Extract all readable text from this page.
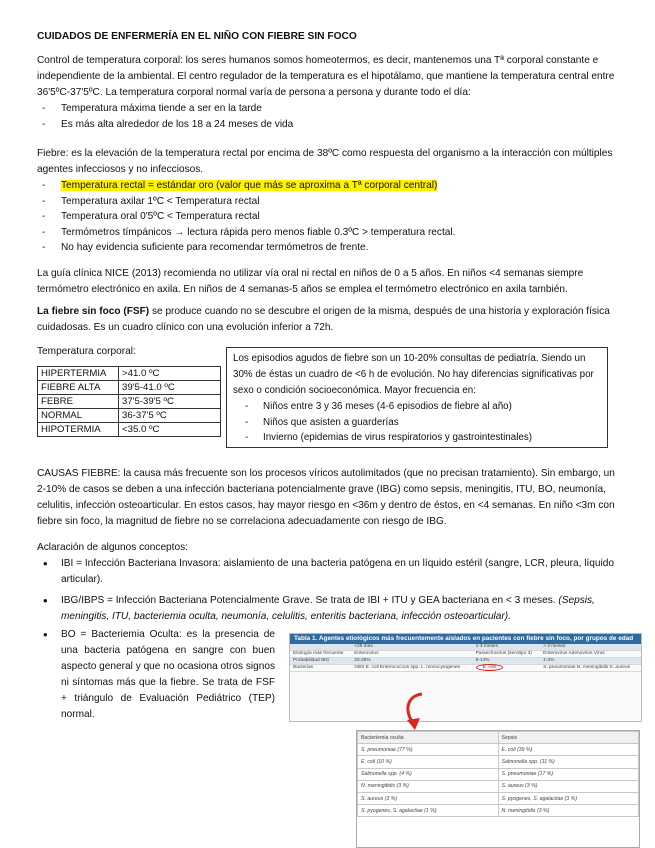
CUIDADOS DE ENFERMERÍA EN EL NIÑO CON FIEBRE SIN FOCO

Control de temperatura corporal: los seres humanos somos homeotermos, es decir, mantenemos una Tª corporal constante e independiente de la ambiental. El centro regulador de la temperatura es el hipotálamo, que mantiene la temperatura central entre 36'5ºC-37'5ºC. La temperatura corporal normal varía de persona a persona y durante todo el día:

- Temperatura máxima tiende a ser en la tarde
- Es más alta alrededor de los 18 a 24 meses de vida

Fiebre: es la elevación de la temperatura rectal por encima de 38ºC como respuesta del organismo a la interacción con múltiples agentes infecciosos y no infecciosos.

- Temperatura rectal = estándar oro (valor que más se aproxima a Tª corporal central)
- Temperatura axilar 1ºC < Temperatura rectal
- Temperatura oral 0'5ºC < Temperatura rectal
- Termómetros tímpánicos → lectura rápida pero menos fiable 0.3ºC > temperatura rectal.
- No hay evidencia suficiente para recomendar termómetros de frente.

La guía clínica NICE (2013) recomienda no utilizar vía oral ni rectal en niños de 0 a 5 años. En niños <4 semanas siempre termómetro electrónico en axila. En niños de 4 semanas-5 años se emplea el termómetro electrónico en axila también.

La fiebre sin foco (FSF) se produce cuando no se descubre el origen de la misma, después de una historia y exploración física cuidadosas. Es un cuadro clínico con una evolución inferior a 72h.

Temperatura corporal:

HIPERTERMIA	>41.0 ºC
FIEBRE ALTA	39'5-41.0 ºC
FEBRE	37'5-39'5 ºC
NORMAL	36-37'5 ºC
HIPOTERMIA	<35.0 ºC

Los episodios agudos de fiebre son un 10-20% consultas de pediatría. Siendo un 30% de éstas un cuadro de <6 h de evolución. No hay diferencias significativas por sexo o condición socioeconómica. Mayor frecuencia en:

- Niños entre 3 y 36 meses (4-6 episodios de fiebre al año)
- Niños que asisten a guarderías
- Invierno (epidemias de virus respiratorios y gastrointestinales)

CAUSAS FIEBRE: la causa más frecuente son los procesos víricos autolimitados (que no precisan tratamiento). Sin embargo, un 2-10% de casos se deben a una infección bacteriana potencialmente grave (IBG) como sepsis, meningitis, ITU, BO, neumonía, celulitis, infección osteoarticular. En estos casos, hay mayor riesgo en <36m y dentro de éstos, en <4 semanas. En niño <3m con fiebre sin foco, la magnitud de fiebre no se correlaciona adecuadamente con riesgo de IBG.

Aclaración de algunos conceptos:

• IBI = Infección Bacteriana Invasora: aislamiento de una bacteria patógena en un líquido estéril (sangre, LCR, pleura, líquido articular).
• IBG/IBPS = Infección Bacteriana Potencialmente Grave. Se trata de IBI + ITU y GEA bacteriana en < 3 meses. (Sepsis, meningitis, ITU, bacteriemia oculta, neumonía, celulitis, enteritis bacteriana, infección osteoarticular).
• BO = Bacteriemia Oculta: es la presencia de una bacteria patógena en sangre con buen aspecto general y que no ocasiona otros signos ni síntomas más que la fiebre. Se trata de FSF + triángulo de Evaluación Pediátrico (TEP) normal.
Tabla 1. Agentes etiológicos más frecuentemente aislados en pacientes con fiebre sin foco, por grupos de edad
	<28 días	1-3 meses	> 3 meses
Etiología más frecuente	Enterovirus	Paraechovirus (serotipo 3)	Enterovirus Adenovirus Virus
Probabilidad IBG	20-28%	9-14%	1-3%
Bacterias	GBS E. coli Enterococcus spp. L. monocytogenes	E. coli	S. pneumoniae N. meningitidis S. aureus
Bacteriemia oculta	Sepsis
S. pneumoniae (77 %)	E. coli (39 %)
E. coli (10 %)	Salmonella spp. (11 %)
Salmonella spp. (4 %)	S. pneumoniae (17 %)
N. meningitidis (3 %)	S. aureus (3 %)
S. aureus (3 %)	S. pyogenes, S. agalactiae (3 %)
S. pyogenes, S. agalactiae (1 %)	N. meningitidis (3 %)
